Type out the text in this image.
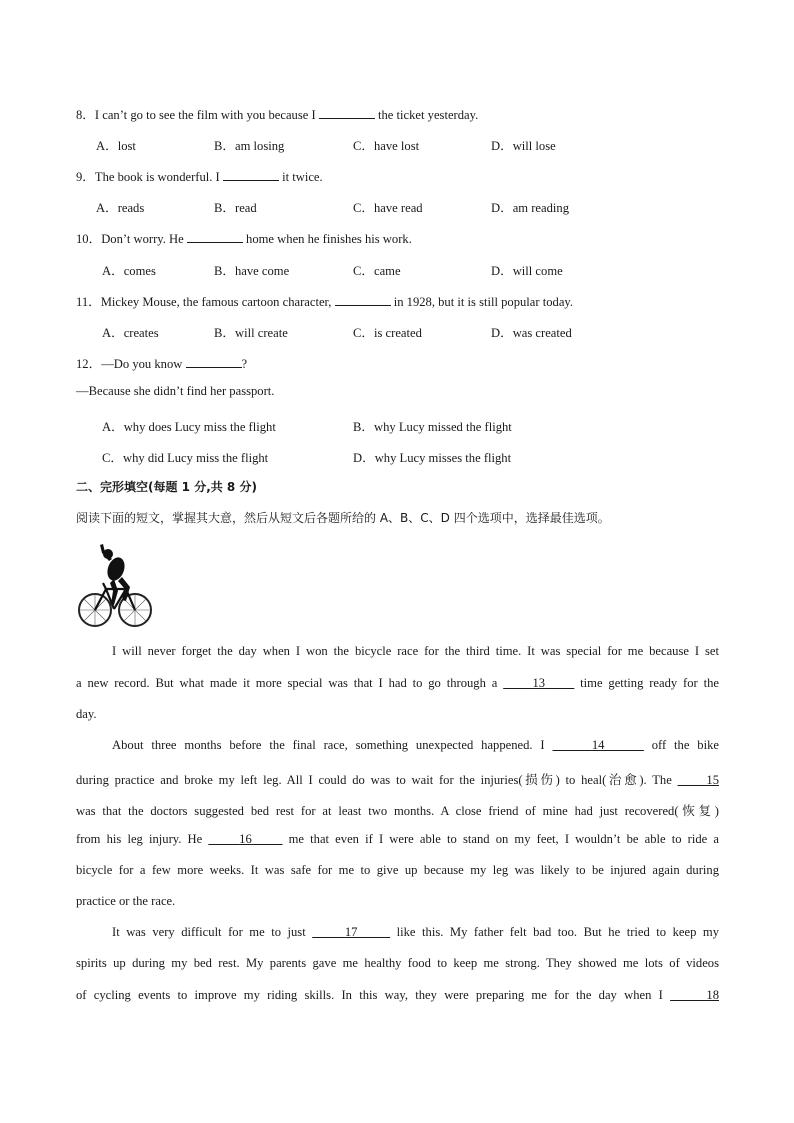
8．I can’t go to see the film with you because I	the ticket yesterday.
A．lost	B．am losing	C．have lost	D．will lose
9．The book is wonderful. I	it twice.
A．reads	B．read	C．have read	D．am reading
10．Don’t worry. He	home when he finishes his work.
A．comes	B．have come	C．came	D．will come
11．Mickey Mouse, the famous cartoon character,	in 1928, but it is still popular today.
A．creates	B．will create	C．is created	D．was created
12．—Do you know	?
—Because she didn’t find her passport.
A．why does Lucy miss the flight	B．why Lucy missed the flight
C．why did Lucy miss the flight	D．why Lucy misses the flight
二、完形填空(每题 1 分,共 8 分)
阅读下面的短文，掌握其大意，然后从短文后各题所给的 A、B、C、D 四个选项中，选择最佳选项。
I will never forget the day when I won the bicycle race for the third time. It was special for me because I set
a new record. But what made it more special was that I had to go through a	13	time getting ready for the
day.
About three months before the final race, something unexpected happened. I	14	off the bike
during practice and broke my left leg. All I could do was to wait for the injuries(损伤) to heal(治愈). The	15
was that the doctors suggested bed rest for at least two months. A close friend of mine had just recovered(恢复)
from his leg injury. He	16	me that even if I were able to stand on my feet, I wouldn’t be able to ride a
bicycle for a few more weeks. It was safe for me to give up because my leg was likely to be injured again during
practice or the race.
It was very difficult for me to just	17	like this. My father felt bad too. But he tried to keep my
spirits up during my bed rest. My parents gave me healthy food to keep me strong. They showed me lots of videos
of cycling events to improve my riding skills. In this way, they were preparing me for the day when I	18
